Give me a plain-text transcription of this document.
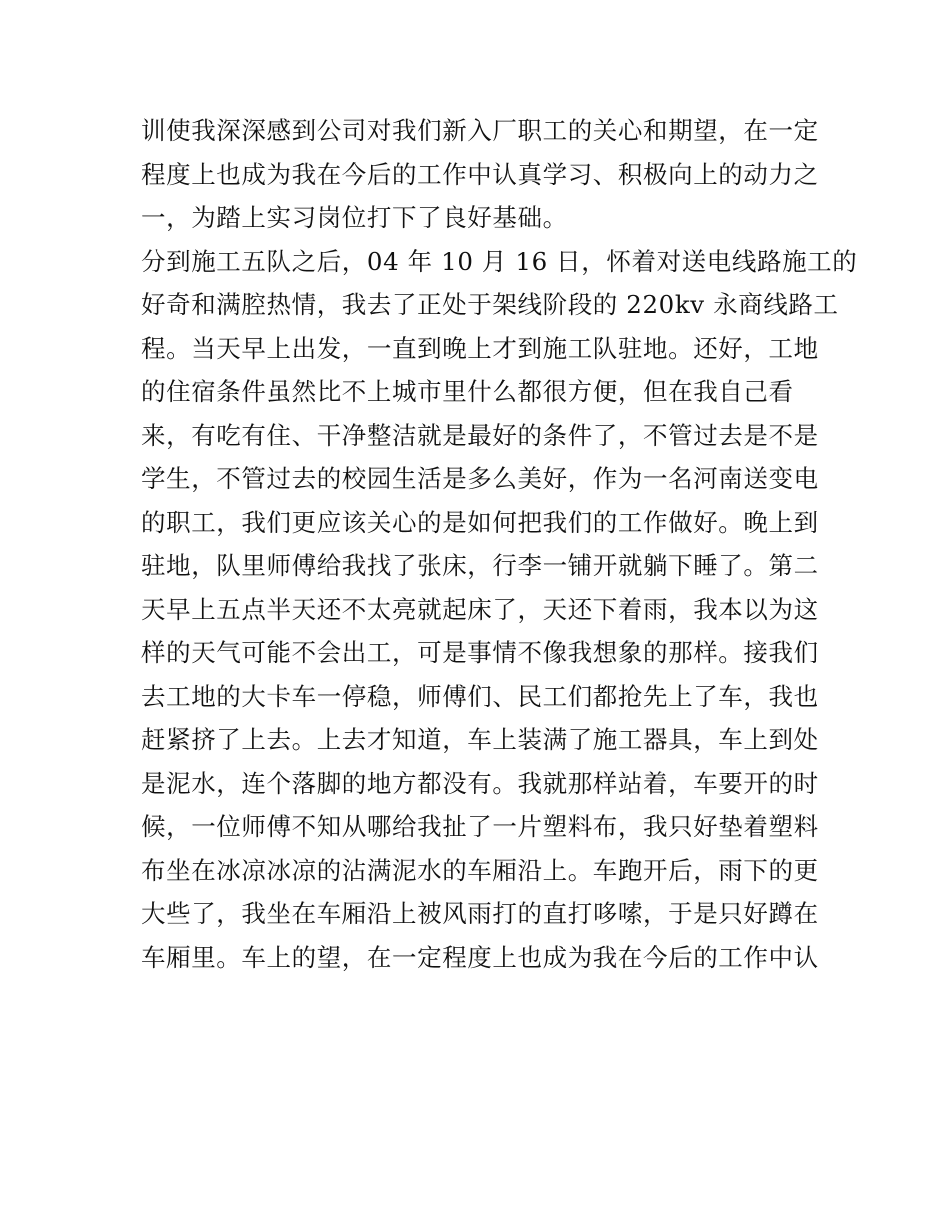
训使我深深感到公司对我们新入厂职工的关心和期望，在一定
程度上也成为我在今后的工作中认真学习、积极向上的动力之
一，为踏上实习岗位打下了良好基础。
分到施工五队之后，04 年 10 月 16 日，怀着对送电线路施工的
好奇和满腔热情，我去了正处于架线阶段的 220kv 永商线路工
程。当天早上出发，一直到晚上才到施工队驻地。还好，工地
的住宿条件虽然比不上城市里什么都很方便，但在我自己看
来，有吃有住、干净整洁就是最好的条件了，不管过去是不是
学生，不管过去的校园生活是多么美好，作为一名河南送变电
的职工，我们更应该关心的是如何把我们的工作做好。晚上到
驻地，队里师傅给我找了张床，行李一铺开就躺下睡了。第二
天早上五点半天还不太亮就起床了，天还下着雨，我本以为这
样的天气可能不会出工，可是事情不像我想象的那样。接我们
去工地的大卡车一停稳，师傅们、民工们都抢先上了车，我也
赶紧挤了上去。上去才知道，车上装满了施工器具，车上到处
是泥水，连个落脚的地方都没有。我就那样站着，车要开的时
候，一位师傅不知从哪给我扯了一片塑料布，我只好垫着塑料
布坐在冰凉冰凉的沾满泥水的车厢沿上。车跑开后，雨下的更
大些了，我坐在车厢沿上被风雨打的直打哆嗦，于是只好蹲在
车厢里。车上的望，在一定程度上也成为我在今后的工作中认
